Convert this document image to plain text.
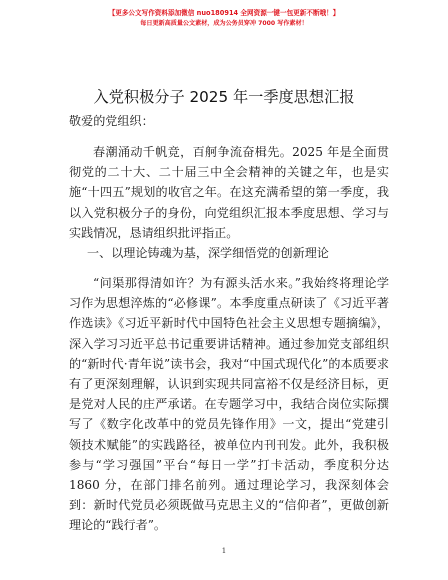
【更多公文写作资料添加微信 nuo180914 全网资源一键一包更新不断哦！】
每日更新高质量公文素材，成为公务员穿冲 7000 写作素材！
入党积极分子 2025 年一季度思想汇报
敬爱的党组织：
春潮涌动千帆竞，百舸争流奋楫先。2025 年是全面贯彻党的二十大、二十届三中全会精神的关键之年，也是实施“十四五”规划的收官之年。在这充满希望的第一季度，我以入党积极分子的身份，向党组织汇报本季度思想、学习与实践情况，恳请组织批评指正。
一、以理论铸魂为基，深学细悟党的创新理论
“问渠那得清如许？为有源头活水来。”我始终将理论学习作为思想淬炼的“必修课”。本季度重点研读了《习近平著作选读》《习近平新时代中国特色社会主义思想专题摘编》，深入学习习近平总书记重要讲话精神。通过参加党支部组织的“新时代·青年说”读书会，我对“中国式现代化”的本质要求有了更深刻理解，认识到实现共同富裕不仅是经济目标，更是党对人民的庄严承诺。在专题学习中，我结合岗位实际撰写了《数字化改革中的党员先锋作用》一文，提出“党建引领技术赋能”的实践路径，被单位内刊刊发。此外，我积极参与“学习强国”平台“每日一学”打卡活动，季度积分达 1860 分，在部门排名前列。通过理论学习，我深刻体会到：新时代党员必须既做马克思主义的“信仰者”，更做创新理论的“践行者”。
1
